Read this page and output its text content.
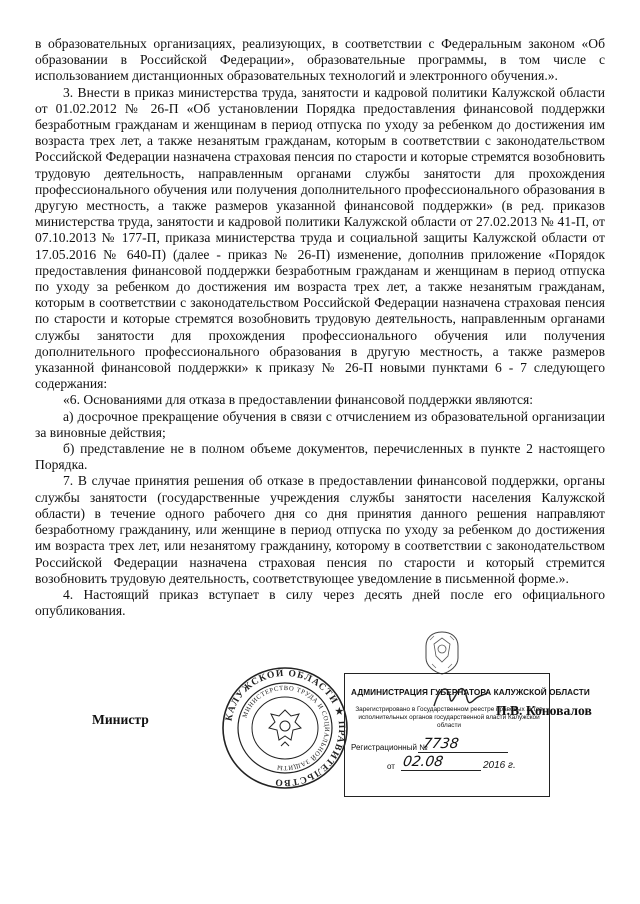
в образовательных организациях, реализующих, в соответствии с Федеральным законом «Об образовании в Российской Федерации», образовательные программы, в том числе с использованием дистанционных образовательных технологий и электронного обучения.».

3. Внести в приказ министерства труда, занятости и кадровой политики Калужской области от 01.02.2012 № 26-П «Об установлении Порядка предоставления финансовой поддержки безработным гражданам и женщинам в период отпуска по уходу за ребенком до достижения им возраста трех лет, а также незанятым гражданам, которым в соответствии с законодательством Российской Федерации назначена страховая пенсия по старости и которые стремятся возобновить трудовую деятельность, направленным органами службы занятости для прохождения профессионального обучения или получения дополнительного профессионального образования в другую местность, а также размеров указанной финансовой поддержки» (в ред. приказов министерства труда, занятости и кадровой политики Калужской области от 27.02.2013 № 41-П, от 07.10.2013 № 177-П, приказа министерства труда и социальной защиты Калужской области от 17.05.2016 № 640-П) (далее - приказ № 26-П) изменение, дополнив приложение «Порядок предоставления финансовой поддержки безработным гражданам и женщинам в период отпуска по уходу за ребенком до достижения им возраста трех лет, а также незанятым гражданам, которым в соответствии с законодательством Российской Федерации назначена страховая пенсия по старости и которые стремятся возобновить трудовую деятельность, направленным органами службы занятости для прохождения профессионального обучения или получения дополнительного профессионального образования в другую местность, а также размеров указанной финансовой поддержки» к приказу № 26-П новыми пунктами 6 - 7 следующего содержания:

«6. Основаниями для отказа в предоставлении финансовой поддержки являются:

а) досрочное прекращение обучения в связи с отчислением из образовательной организации за виновные действия;

б) представление не в полном объеме документов, перечисленных в пункте 2 настоящего Порядка.

7. В случае принятия решения об отказе в предоставлении финансовой поддержки, органы службы занятости (государственные учреждения службы занятости населения Калужской области) в течение одного рабочего дня со дня принятия данного решения направляют безработному гражданину, или женщине в период отпуска по уходу за ребенком до достижения им возраста трех лет, или незанятому гражданину, которому в соответствии с законодательством Российской Федерации назначена страховая пенсия по старости и который стремится возобновить трудовую деятельность, соответствующее уведомление в письменной форме.».

4. Настоящий приказ вступает в силу через десять дней после его официального опубликования.

КАЛУЖСКОЙ ОБЛАСТИ ★ ПРАВИТЕЛЬСТВО
МИНИСТЕРСТВО ТРУДА И СОЦИАЛЬНОЙ ЗАЩИТЫ
АДМИНИСТРАЦИЯ ГУБЕРНАТОРА КАЛУЖСКОЙ ОБЛАСТИ
Зарегистрировано в Государственном реестре правовых актов исполнительных органов государственной власти Калужской области
Регистрационный №
7738
от 02.08	2016 г.
Министр
П.В. Коновалов
